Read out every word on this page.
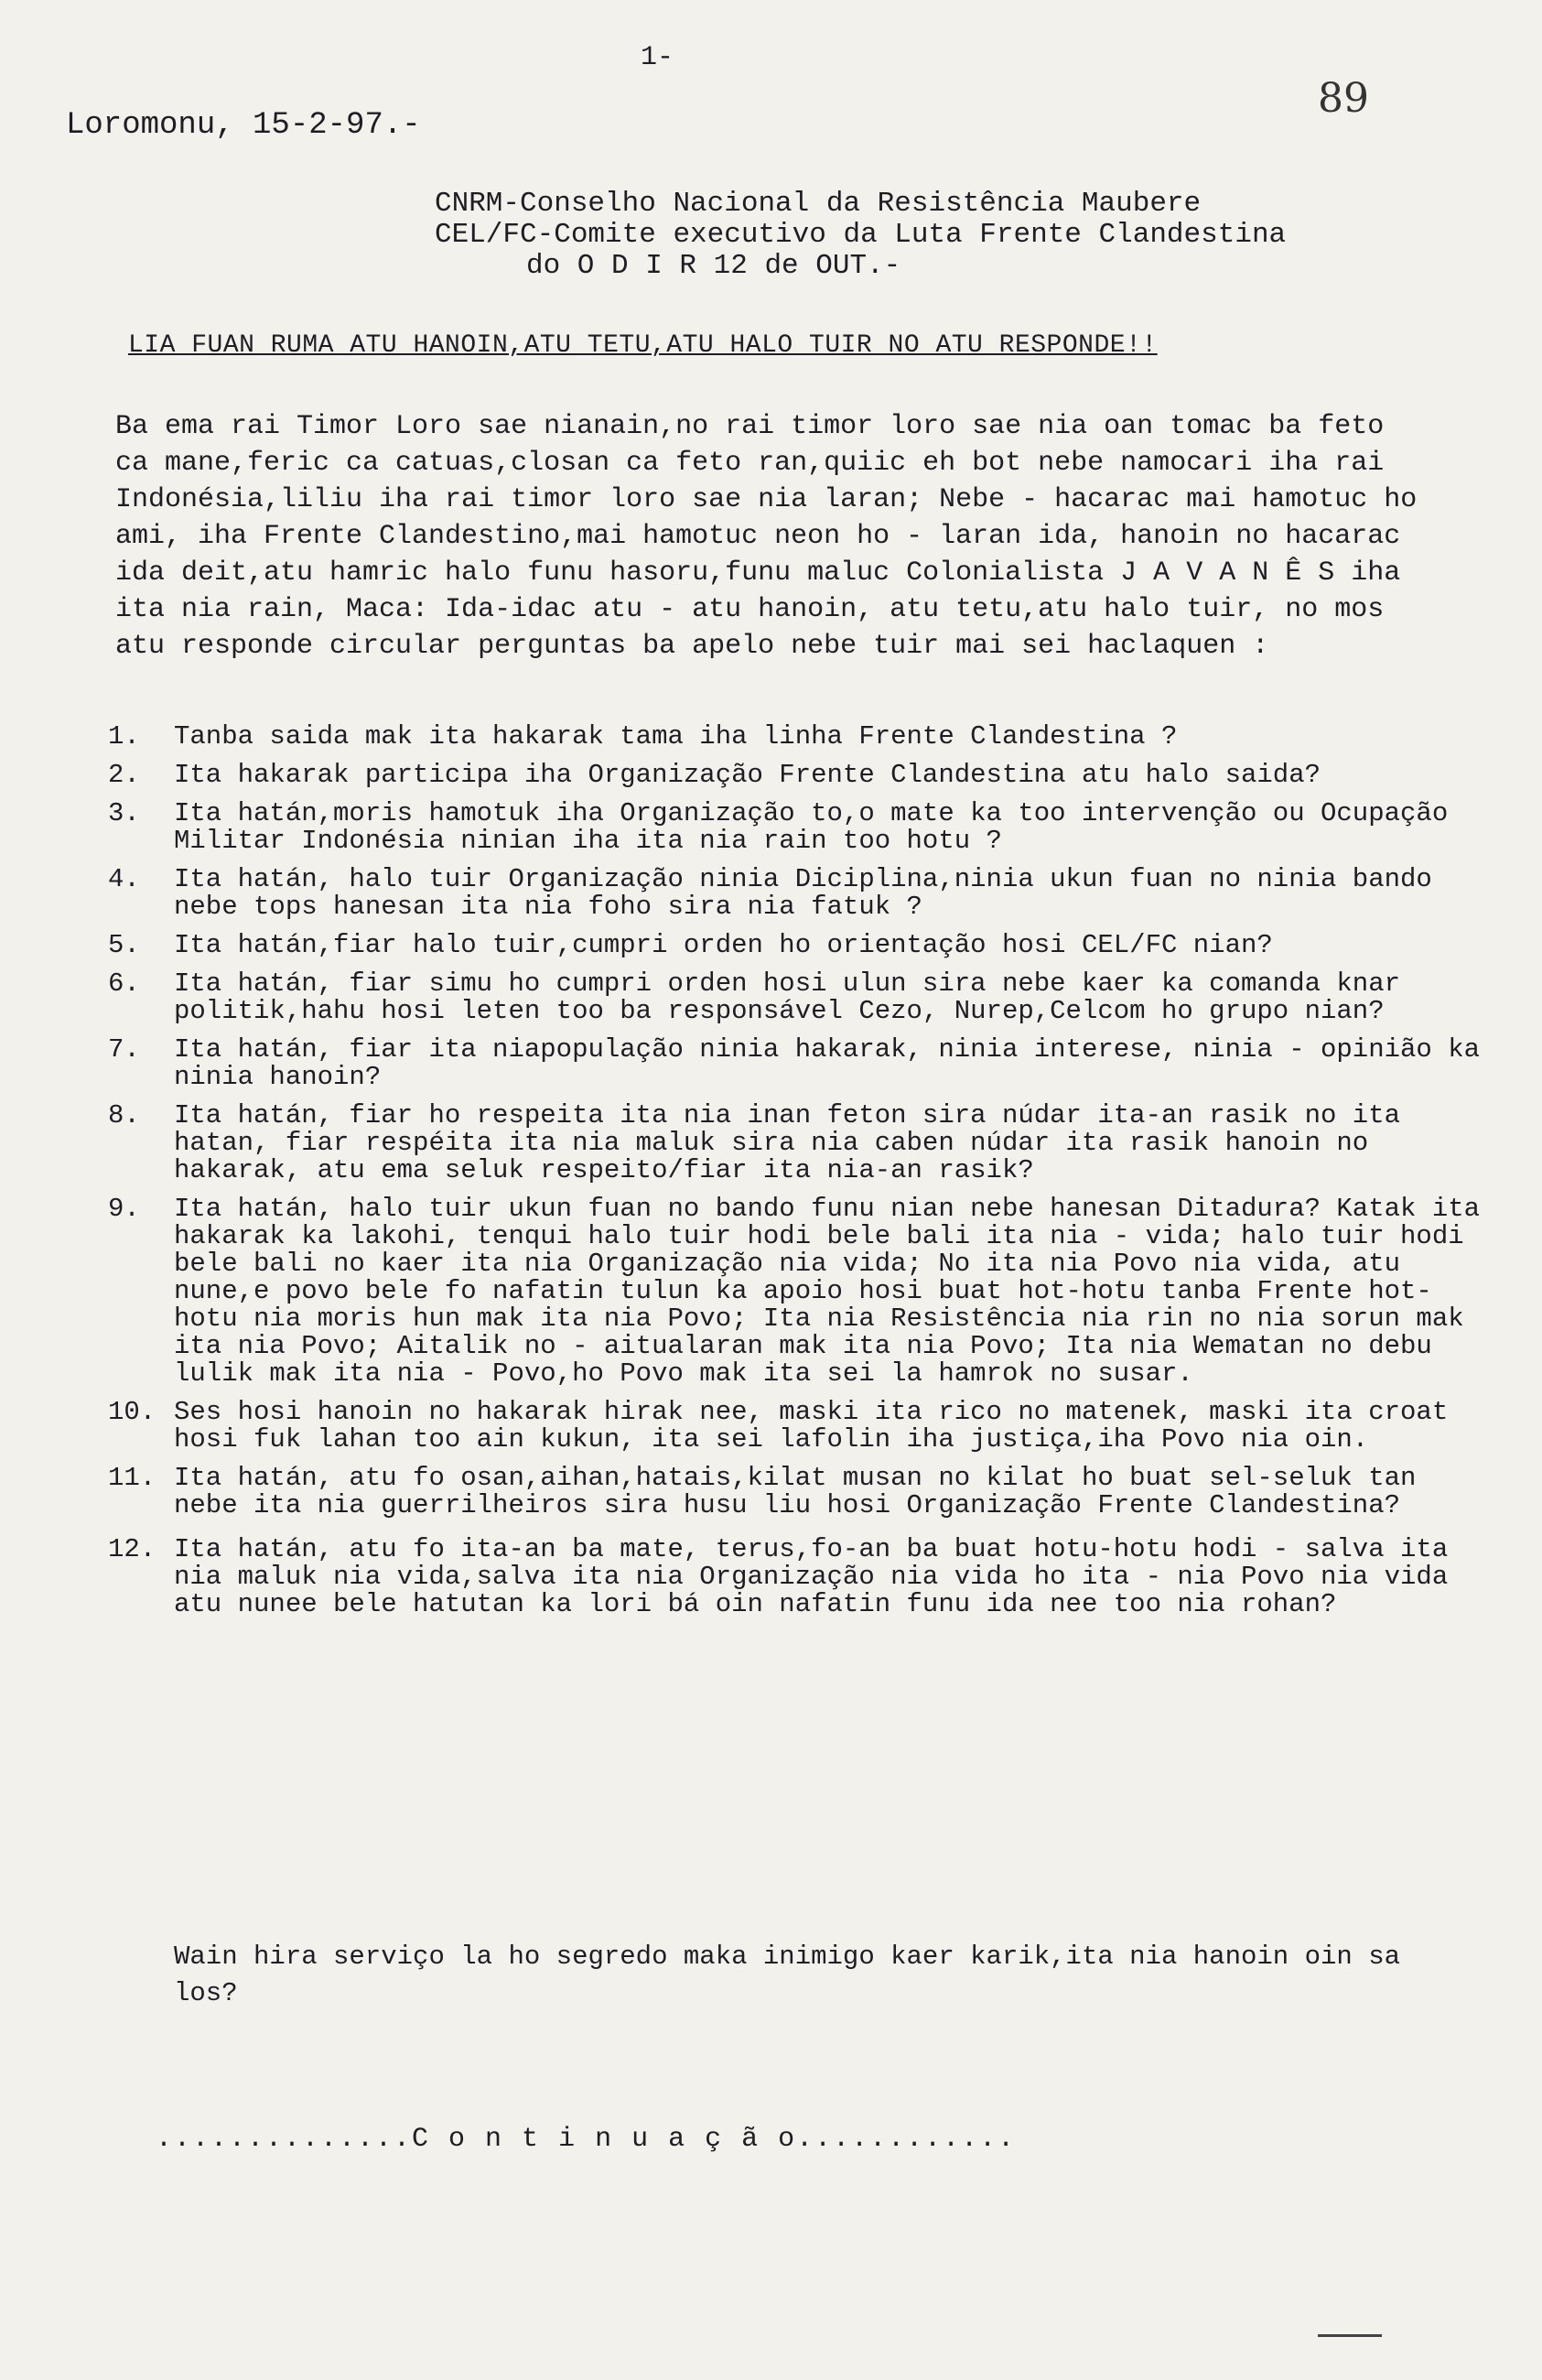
1-
Loromonu, 15-2-97.-
89
CNRM-Conselho Nacional da Resistência Maubere
CEL/FC-Comite executivo da Luta Frente Clandestina
do O D I R 12 de OUT.-
LIA FUAN RUMA ATU HANOIN,ATU TETU,ATU HALO TUIR NO ATU RESPONDE!!
Ba ema rai Timor Loro sae nianain,no rai timor loro sae nia oan tomac ba feto ca mane,feric ca catuas,closan ca feto ran,quiic eh bot nebe namocari iha rai Indonésia,liliu iha rai timor loro sae nia laran; Nebe - hacarac mai hamotuc ho ami, iha Frente Clandestino,mai hamotuc neon ho - laran ida, hanoin no hacarac ida deit,atu hamric halo funu hasoru,funu maluc Colonialista J A V A N Ê S iha ita nia rain, Maca: Ida-idac atu - atu hanoin, atu tetu,atu halo tuir, no mos atu responde circular perguntas ba apelo nebe tuir mai sei haclaquen :
1.	Tanba saida mak ita hakarak tama iha linha Frente Clandestina ?
2.	Ita hakarak participa iha Organização Frente Clandestina atu halo saida?
3.	Ita hatán,moris hamotuk iha Organização to,o mate ka too intervenção ou Ocupação Militar Indonésia ninian iha ita nia rain too hotu ?
4.	Ita hatán, halo tuir Organização ninia Diciplina,ninia ukun fuan no ninia bando nebe tops hanesan ita nia foho sira nia fatuk ?
5.	Ita hatán,fiar halo tuir,cumpri orden ho orientação hosi CEL/FC nian?
6.	Ita hatán, fiar simu ho cumpri orden hosi ulun sira nebe kaer ka comanda knar politik,hahu hosi leten too ba responsável Cezo, Nurep,Celcom ho grupo nian?
7.	Ita hatán, fiar ita niapopulação ninia hakarak, ninia interese, ninia - opinião ka ninia hanoin?
8.	Ita hatán, fiar ho respeita ita nia inan feton sira núdar ita-an rasik no ita hatan, fiar respéita ita nia maluk sira nia caben núdar ita rasik hanoin no hakarak, atu ema seluk respeito/fiar ita nia-an rasik?
9.	Ita hatán, halo tuir ukun fuan no bando funu nian nebe hanesan Ditadura? Katak ita hakarak ka lakohi, tenqui halo tuir hodi bele bali ita nia - vida; halo tuir hodi bele bali no kaer ita nia Organização nia vida; No ita nia Povo nia vida, atu nune,e povo bele fo nafatin tulun ka apoio hosi buat hot-hotu tanba Frente hot-hotu nia moris hun mak ita nia Povo; Ita nia Resistência nia rin no nia sorun mak ita nia Povo; Aitalik no - aitualaran mak ita nia Povo; Ita nia Wematan no debu lulik mak ita nia - Povo,ho Povo mak ita sei la hamrok no susar.
10. Ses hosi hanoin no hakarak hirak nee, maski ita rico no matenek, maski ita croat hosi fuk lahan too ain kukun, ita sei lafolin iha justiça,iha Povo nia oin.
11. Ita hatán, atu fo osan,aihan,hatais,kilat musan no kilat ho buat sel-seluk tan nebe ita nia guerrilheiros sira husu liu hosi Organização Frente Clandestina?
12. Ita hatán, atu fo ita-an ba mate, terus,fo-an ba buat hotu-hotu hodi - salva ita nia maluk nia vida,salva ita nia Organização nia vida ho ita - nia Povo nia vida atu nunee bele hatutan ka lori bá oin nafatin funu ida nee too nia rohan?
Wain hira serviço la ho segredo maka inimigo kaer karik,ita nia hanoin oin sa los?
..............C o n t i n u a ç ã o............
